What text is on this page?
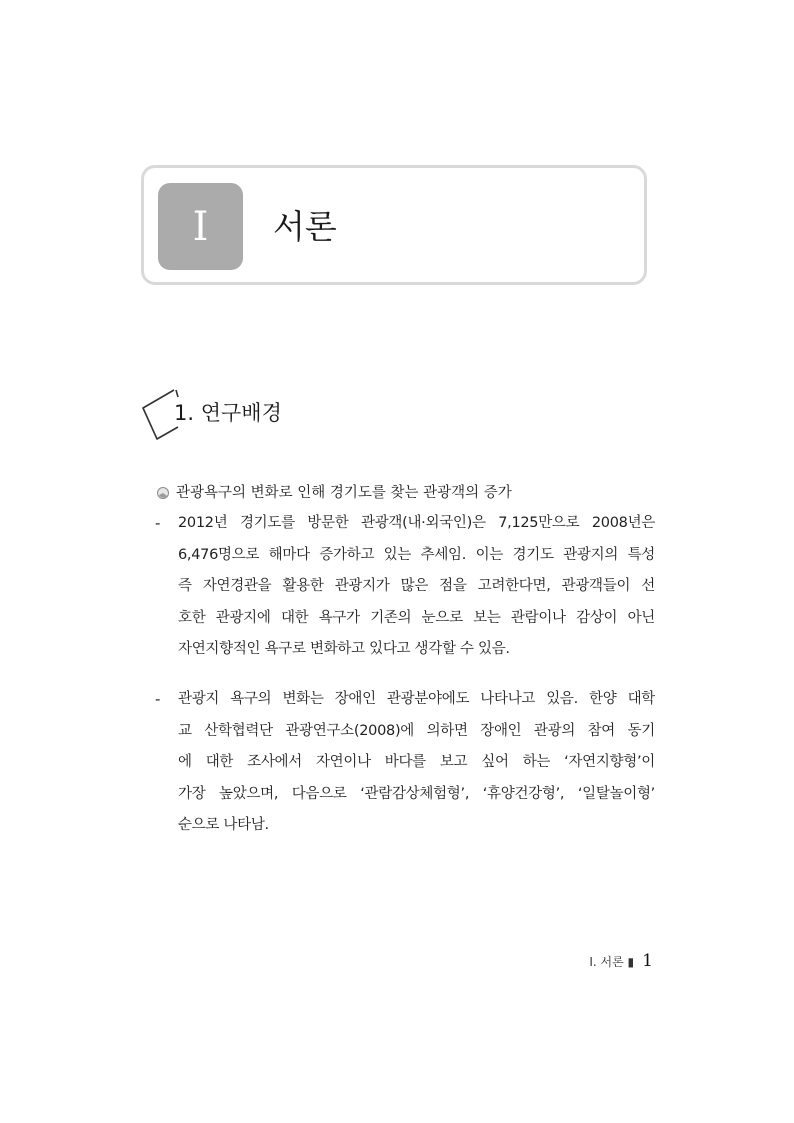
Ⅰ 서론
1. 연구배경
관광욕구의 변화로 인해 경기도를 찾는 관광객의 증가
- 2012년 경기도를 방문한 관광객(내·외국인)은 7,125만으로 2008년은
6,476명으로 해마다 증가하고 있는 추세임. 이는 경기도 관광지의 특성
즉 자연경관을 활용한 관광지가 많은 점을 고려한다면, 관광객들이 선
호한 관광지에 대한 욕구가 기존의 눈으로 보는 관람이나 감상이 아닌
자연지향적인 욕구로 변화하고 있다고 생각할 수 있음.
- 관광지 욕구의 변화는 장애인 관광분야에도 나타나고 있음. 한양 대학
교 산학협력단 관광연구소(2008)에 의하면 장애인 관광의 참여 동기
에 대한 조사에서 자연이나 바다를 보고 싶어 하는 ‘자연지향형’이
가장 높았으며, 다음으로 ‘관람감상체험형’, ‘휴양건강형’, ‘일탈놀이형’
순으로 나타남.
Ⅰ. 서론 ▮ 1
